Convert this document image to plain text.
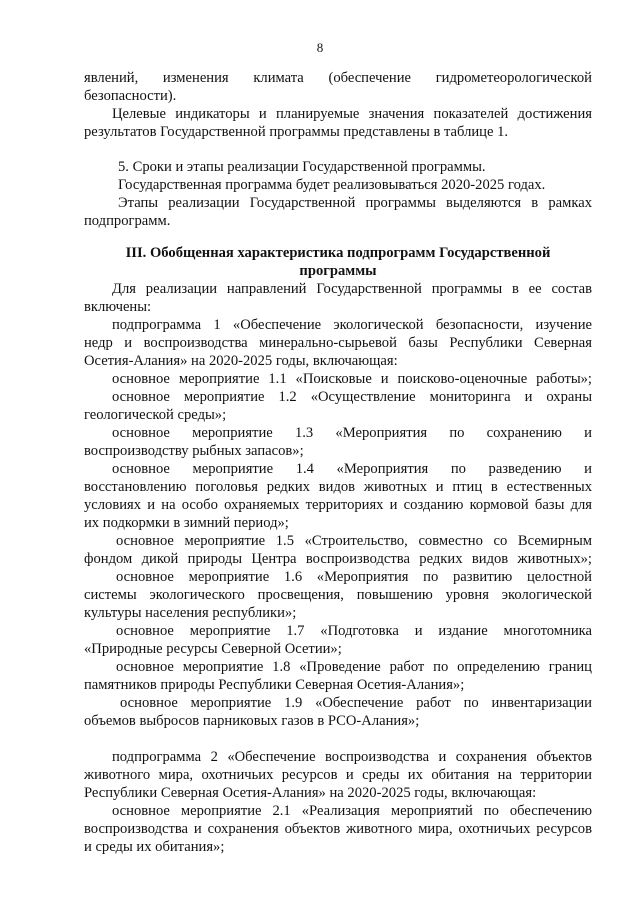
8
явлений, изменения климата (обеспечение гидрометеорологической
безопасности).
Целевые индикаторы и планируемые значения показателей достижения
результатов Государственной программы представлены в таблице 1.
5. Сроки и этапы реализации Государственной программы.
Государственная программа будет реализовываться 2020-2025 годах.
Этапы реализации Государственной программы выделяются в рамках
подпрограмм.
III. Обобщенная характеристика подпрограмм Государственной
программы
Для реализации направлений Государственной программы в ее состав
включены:
подпрограмма 1 «Обеспечение экологической безопасности, изучение
недр и воспроизводства минерально-сырьевой базы Республики Северная
Осетия-Алания» на 2020-2025 годы, включающая:
основное мероприятие 1.1 «Поисковые и поисково-оценочные работы»;
основное мероприятие 1.2 «Осуществление мониторинга и охраны
геологической среды»;
основное мероприятие 1.3 «Мероприятия по сохранению и
воспроизводству рыбных запасов»;
основное мероприятие 1.4 «Мероприятия по разведению и
восстановлению поголовья редких видов животных и птиц в естественных
условиях и на особо охраняемых территориях и созданию кормовой базы для
их подкормки в зимний период»;
основное мероприятие 1.5 «Строительство, совместно со Всемирным
фондом дикой природы Центра воспроизводства редких видов животных»;
основное мероприятие 1.6 «Мероприятия по развитию целостной
системы экологического просвещения, повышению уровня экологической
культуры населения республики»;
основное мероприятие 1.7 «Подготовка и издание многотомника
«Природные ресурсы Северной Осетии»;
основное мероприятие 1.8 «Проведение работ по определению границ
памятников природы Республики Северная Осетия-Алания»;
основное мероприятие 1.9 «Обеспечение работ по инвентаризации
объемов выбросов парниковых газов в РСО-Алания»;
подпрограмма 2 «Обеспечение воспроизводства и сохранения объектов
животного мира, охотничьих ресурсов и среды их обитания на территории
Республики Северная Осетия-Алания» на 2020-2025 годы, включающая:
основное мероприятие 2.1 «Реализация мероприятий по обеспечению
воспроизводства и сохранения объектов животного мира, охотничьих ресурсов
и среды их обитания»;
